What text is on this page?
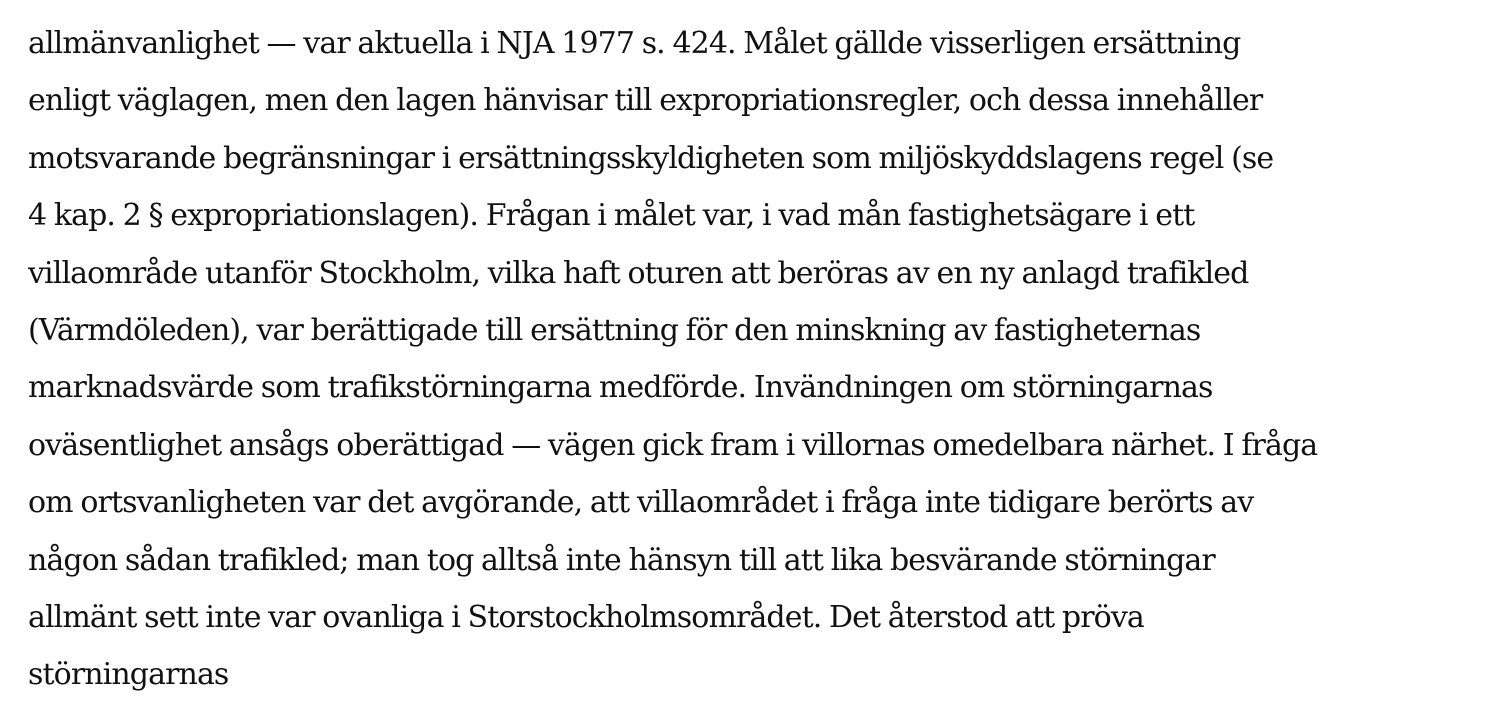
allmänvanlighet — var aktuella i NJA 1977 s. 424. Målet gällde visserligen ersättning
enligt väglagen, men den lagen hänvisar till expropriationsregler, och dessa innehåller
motsvarande begränsningar i ersättningsskyldigheten som miljöskyddslagens regel (se
4 kap. 2 § expropriationslagen). Frågan i målet var, i vad mån fastighetsägare i ett
villaområde utanför Stockholm, vilka haft oturen att beröras av en ny anlagd trafikled
(Värmdöleden), var berättigade till ersättning för den minskning av fastigheternas
marknadsvärde som trafikstörningarna medförde. Invändningen om störningarnas
oväsentlighet ansågs oberättigad — vägen gick fram i villornas omedelbara närhet. I fråga
om ortsvanligheten var det avgörande, att villaområdet i fråga inte tidigare berörts av
någon sådan trafikled; man tog alltså inte hänsyn till att lika besvärande störningar
allmänt sett inte var ovanliga i Storstockholmsområdet. Det återstod att pröva
störningarnas
